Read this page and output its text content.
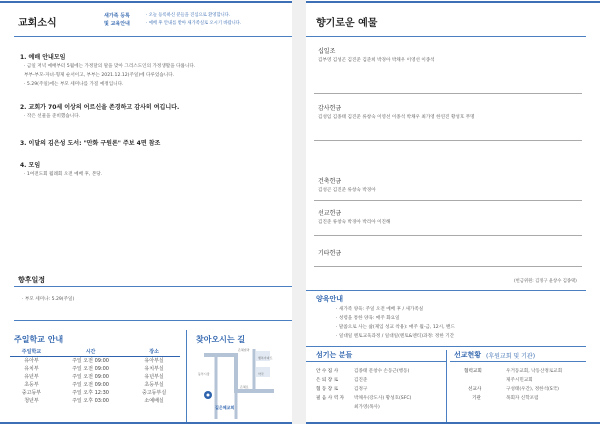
교회소식
새가족 등록
및 교육안내
· 오늘 등록하신 분들을 진심으로 환영합니다.
· 예배 후 안내를 받아 새가족실로 오시기 바랍니다.
1. 예배 안내모임
· 금일 저녁 예배부터 5월에는 가정달의 말을 맞아 그리스도인의 가정생활을 다룹니다.
부부-부모-자녀-형제 순서이고, 부부는 2021.12.12(주일)에 다루었습니다.
· 5.29(주일)에는 부모 세미나를 가질 예정입니다.
2. 교회가 70세 이상의 어르신을 존경하고 감사히 여깁니다.
· 작은 선물을 준비했습니다.
3. 이달의 김은성 도서: "만화 구원론" 주보 4면 참조
4. 모임
· 1여전도회 월례회 오전 예배 후, 본당.
향후일정
· 부모 세미나: 5.29(주일)
주일학교 안내
주일학교	시간	장소
유아부	주일 오전 09:00	유아부실
유치부	주일 오전 09:00	유치부실
유년부	주일 오전 09:00	유년부실
초등부	주일 오전 09:00	초등부실
중고등부	주일 오후 12:30	중고등부실
청년부	주일 오후 03:00	소예배실
찾아오시는 길
길은혜교회
은혜빌라
행복아파트
약국
은혜로
동부시장
향기로운 예물
십일조
김부영 김성곤 김진준 김준희 박경아 박채우 이영선 이종석
감사헌금
김성임 김종태 김진준 류창숙 이영선 이종석 박채우 최가영 한연진 황성호 무명
건축헌금
김성곤 김진준 류창숙 박경아
선교헌금
김진준 류창숙 박경아 박리아 이진해
기타헌금
(헌금위원: 김정구 윤창수 김종택)
양육안내
· 새가족 양육: 주일 오전 예배 후 / 새가족실
· 성령을 통한 양육: 매주 화요일
· 말씀으로 사는 삶(제입 성교 착용): 매주 월-금, 12시, 밴드
· 일대일 멘토교육과정 / 일대일(멘토&멘티)과정: 정한 기간
섬기는 분들
안 수 집 사	김종태 문창수 손동근(행동)
은 퇴 장 로	김진준
협 동 장 로	김정구
필 음 사 역 자 박채우(강도사) 황성호(SFC)
최가영(목사)
선교현황 (후원교회 및 기관)
협력교회	우거동교회, 낙동산정로교회
제주시민교회
선교사	구성태(우간), 정한석(S국)
기관	목회자 신학포럼
